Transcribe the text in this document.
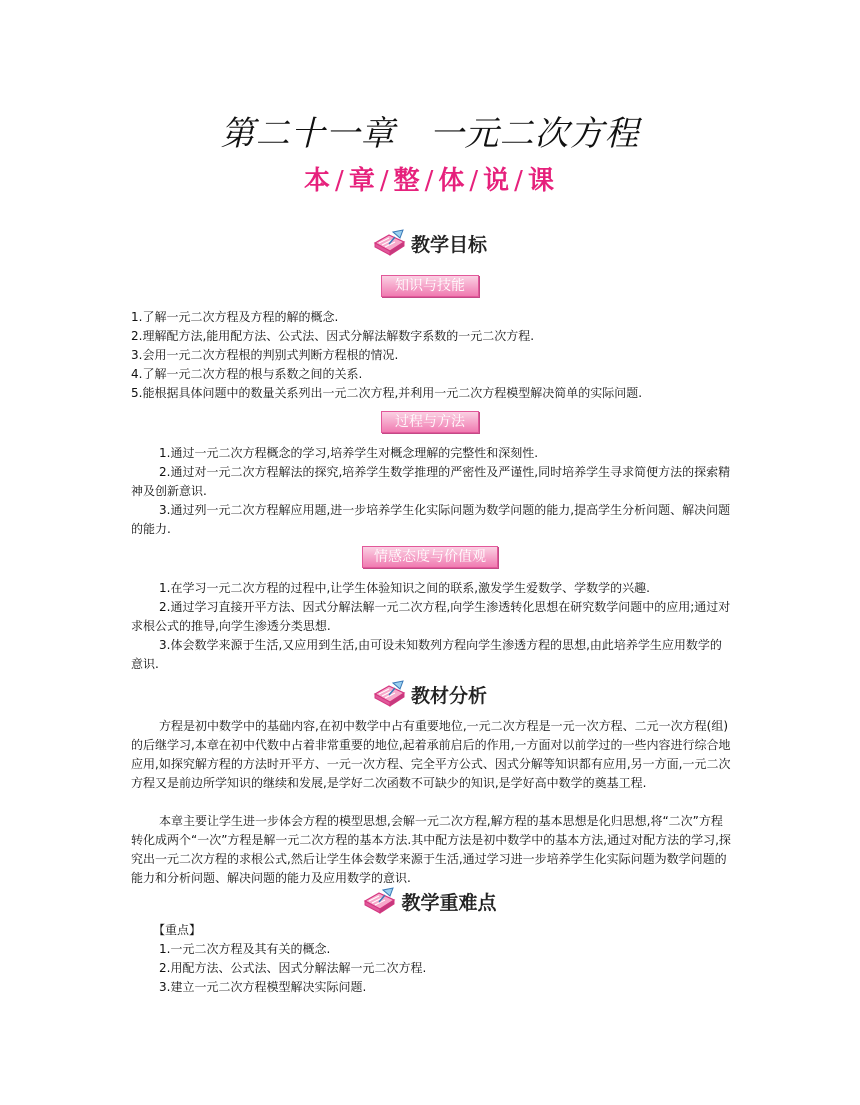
第二十一章 一元二次方程
本 / 章 / 整 / 体 / 说 / 课
教学目标
知识与技能

1.了解一元二次方程及方程的解的概念.

2.理解配方法,能用配方法、公式法、因式分解法解数字系数的一元二次方程.

3.会用一元二次方程根的判别式判断方程根的情况.

4.了解一元二次方程的根与系数之间的关系.

5.能根据具体问题中的数量关系列出一元二次方程,并利用一元二次方程模型解决简单的实际问题.

过程与方法

1.通过一元二次方程概念的学习,培养学生对概念理解的完整性和深刻性.

2.通过对一元二次方程解法的探究,培养学生数学推理的严密性及严谨性,同时培养学生寻求简便方法的探索精神及创新意识.

3.通过列一元二次方程解应用题,进一步培养学生化实际问题为数学问题的能力,提高学生分析问题、解决问题的能力.

情感态度与价值观

1.在学习一元二次方程的过程中,让学生体验知识之间的联系,激发学生爱数学、学数学的兴趣.

2.通过学习直接开平方法、因式分解法解一元二次方程,向学生渗透转化思想在研究数学问题中的应用;通过对求根公式的推导,向学生渗透分类思想.

3.体会数学来源于生活,又应用到生活,由可设未知数列方程向学生渗透方程的思想,由此培养学生应用数学的意识.

教材分析

方程是初中数学中的基础内容,在初中数学中占有重要地位,一元二次方程是一元一次方程、二元一次方程(组)的后继学习,本章在初中代数中占着非常重要的地位,起着承前启后的作用,一方面对以前学过的一些内容进行综合地应用,如探究解方程的方法时开平方、一元一次方程、完全平方公式、因式分解等知识都有应用,另一方面,一元二次方程又是前边所学知识的继续和发展,是学好二次函数不可缺少的知识,是学好高中数学的奠基工程.

本章主要让学生进一步体会方程的模型思想,会解一元二次方程,解方程的基本思想是化归思想,将“二次”方程转化成两个“一次”方程是解一元二次方程的基本方法.其中配方法是初中数学中的基本方法,通过对配方法的学习,探究出一元二次方程的求根公式,然后让学生体会数学来源于生活,通过学习进一步培养学生化实际问题为数学问题的能力和分析问题、解决问题的能力及应用数学的意识.

教学重难点

【重点】

1.一元二次方程及其有关的概念.

2.用配方法、公式法、因式分解法解一元二次方程.

3.建立一元二次方程模型解决实际问题.
